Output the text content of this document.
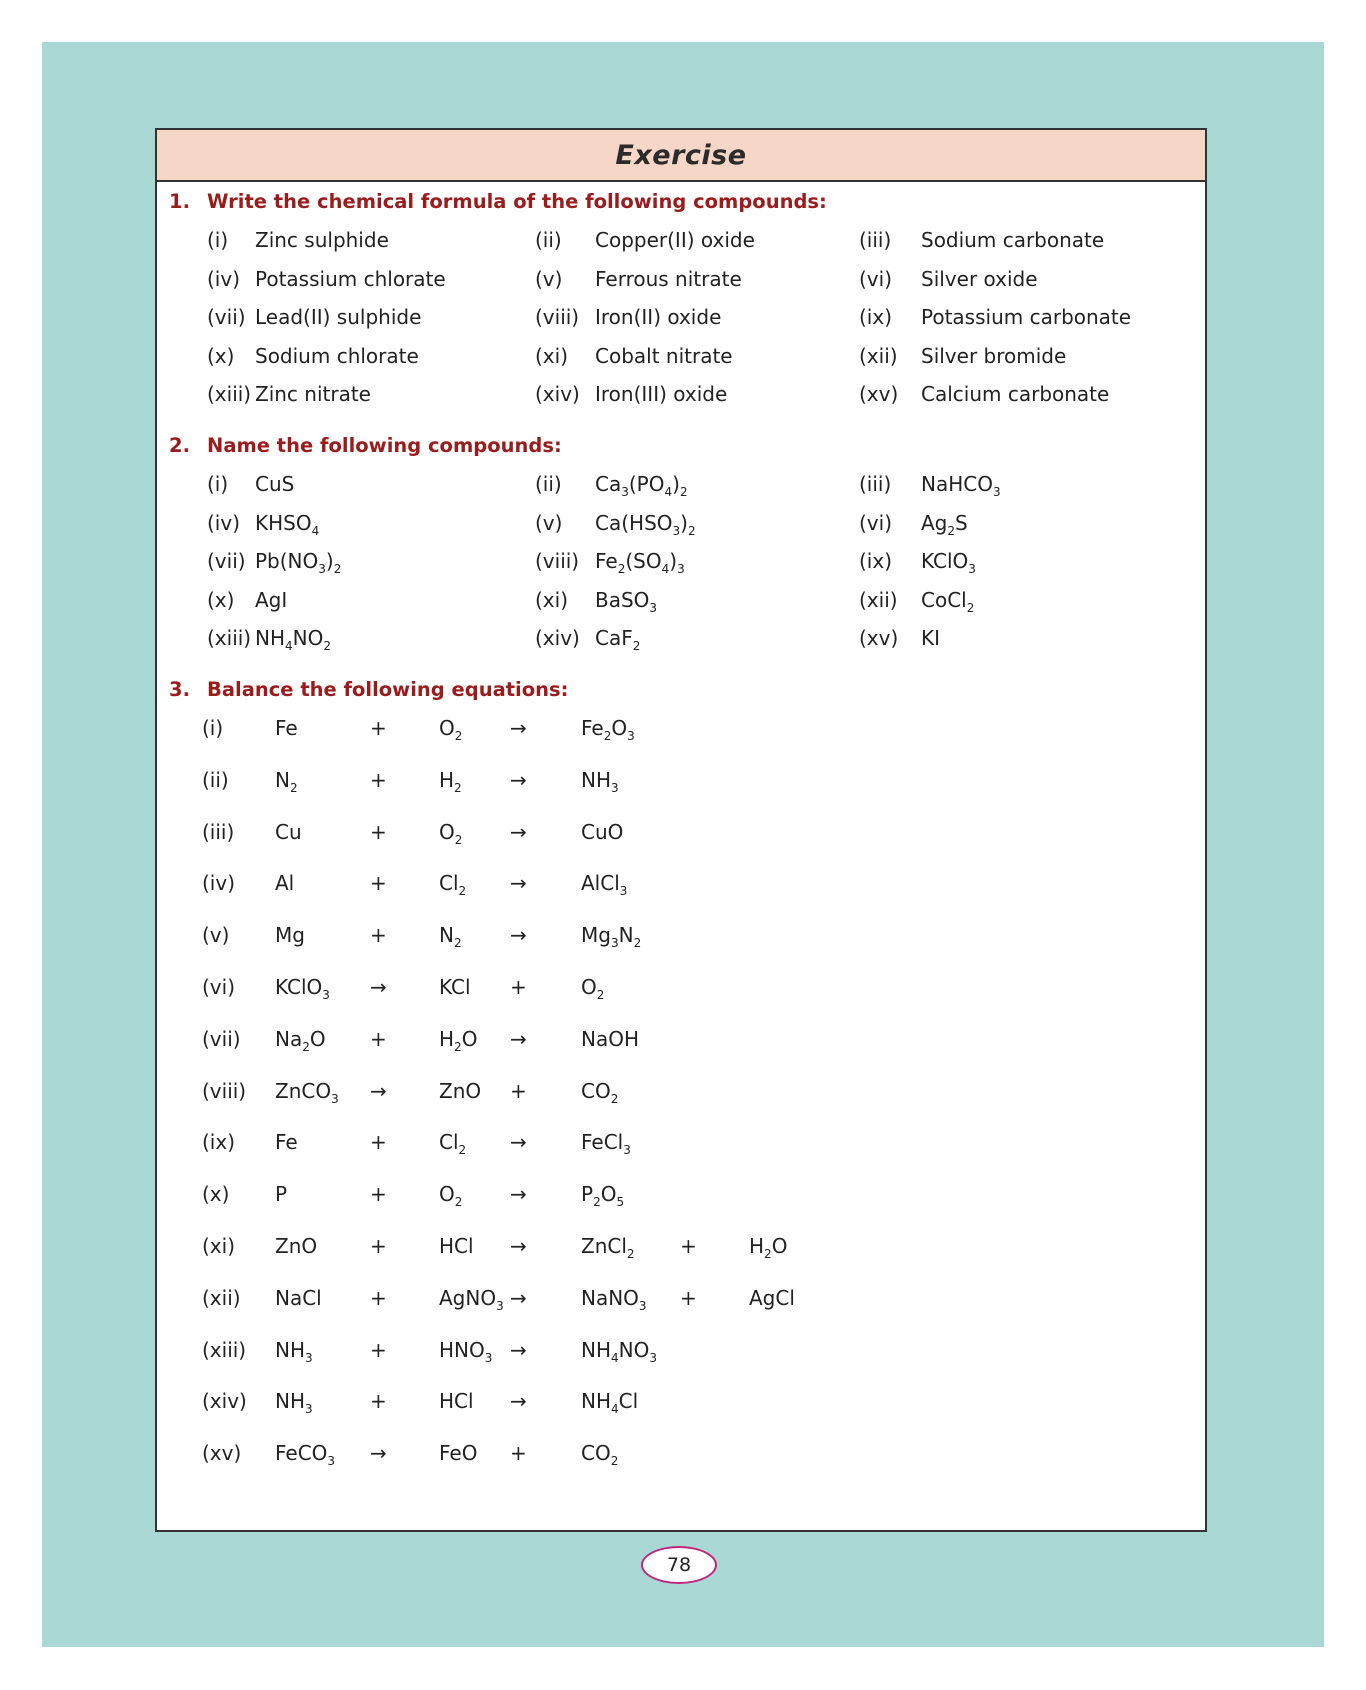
Exercise
1. Write the chemical formula of the following compounds:
(i) Zinc sulphide	(ii) Copper(II) oxide	(iii) Sodium carbonate
(iv) Potassium chlorate	(v) Ferrous nitrate	(vi) Silver oxide
(vii) Lead(II) sulphide	(viii) Iron(II) oxide	(ix) Potassium carbonate
(x) Sodium chlorate	(xi) Cobalt nitrate	(xii) Silver bromide
(xiii) Zinc nitrate	(xiv) Iron(III) oxide	(xv) Calcium carbonate
2. Name the following compounds:
(i) CuS	(ii) $Ca_3(PO_4)_2$	(iii) NaHCO$_3$
(iv) $KHSO_4$	(v) $Ca(HSO_3)_2$	(vi) $Ag_2S$
(vii) $Pb(NO_3)_2$	(viii) $Fe_2(SO_4)_3$	(ix) KClO$_3$
(x) AgI	(xi) BaSO$_3$	(xii) CoCl$_2$
(xiii) $NH_4NO_2$	(xiv) CaF$_2$	(xv) KI
3. Balance the following equations:
(i)	Fe	+	$O_2$ →	$Fe_2O_3$
(ii) $N_2$	+	$H_2$ →	$NH_3$
(iii) Cu	+	$O_2$ →	CuO
(iv) Al	+	$Cl_2$ →	AlCl$_3$
(v) Mg	+	$N_2$ →	$Mg_3N_2$
(vi) KClO$_3$ →	KCl +	$O_2$
(vii) $Na_2O$ +	$H_2O$ →	NaOH
(viii) ZnCO$_3$ →	ZnO +	$CO_2$
(ix) Fe	+	$Cl_2$ →	FeCl$_3$
(x) P	+	$O_2$ →	$P_2O_5$
(xi) ZnO	+	HCl →	ZnCl$_2$ +	$H_2O$
(xii) NaCl +	AgNO$_3$ →	NaNO$_3$ +	AgCl
(xiii) $NH_3$	+	$HNO_3$ →	$NH_4NO_3$
(xiv) $NH_3$	+	HCl →	$NH_4Cl$
(xv) FeCO$_3$ →	FeO +	$CO_2$
78
